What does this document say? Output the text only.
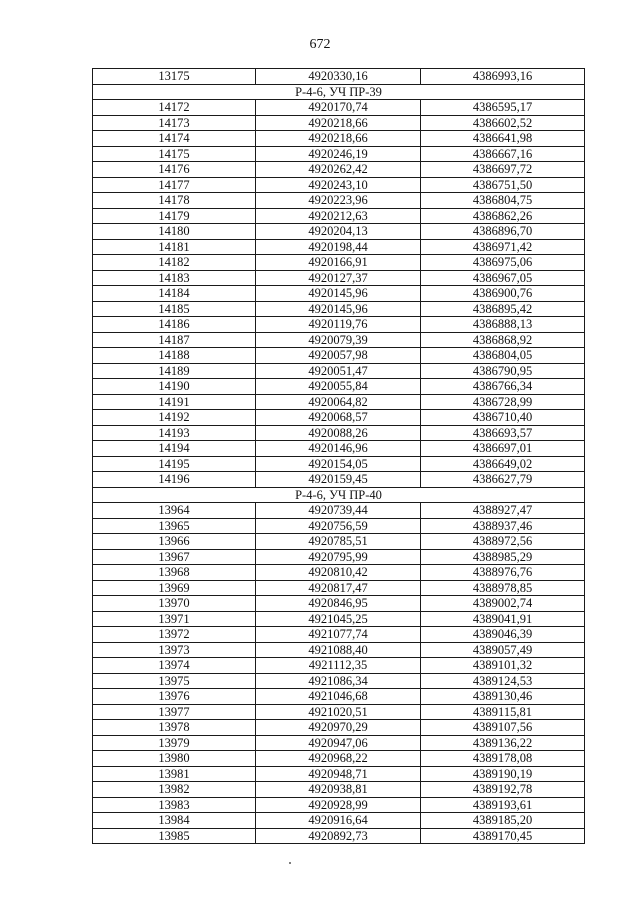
672
13175	4920330,16	4386993,16
Р-4-6, УЧ ПР-39		
14172	4920170,74	4386595,17
14173	4920218,66	4386602,52
14174	4920218,66	4386641,98
14175	4920246,19	4386667,16
14176	4920262,42	4386697,72
14177	4920243,10	4386751,50
14178	4920223,96	4386804,75
14179	4920212,63	4386862,26
14180	4920204,13	4386896,70
14181	4920198,44	4386971,42
14182	4920166,91	4386975,06
14183	4920127,37	4386967,05
14184	4920145,96	4386900,76
14185	4920145,96	4386895,42
14186	4920119,76	4386888,13
14187	4920079,39	4386868,92
14188	4920057,98	4386804,05
14189	4920051,47	4386790,95
14190	4920055,84	4386766,34
14191	4920064,82	4386728,99
14192	4920068,57	4386710,40
14193	4920088,26	4386693,57
14194	4920146,96	4386697,01
14195	4920154,05	4386649,02
14196	4920159,45	4386627,79
Р-4-6, УЧ ПР-40		
13964	4920739,44	4388927,47
13965	4920756,59	4388937,46
13966	4920785,51	4388972,56
13967	4920795,99	4388985,29
13968	4920810,42	4388976,76
13969	4920817,47	4388978,85
13970	4920846,95	4389002,74
13971	4921045,25	4389041,91
13972	4921077,74	4389046,39
13973	4921088,40	4389057,49
13974	4921112,35	4389101,32
13975	4921086,34	4389124,53
13976	4921046,68	4389130,46
13977	4921020,51	4389115,81
13978	4920970,29	4389107,56
13979	4920947,06	4389136,22
13980	4920968,22	4389178,08
13981	4920948,71	4389190,19
13982	4920938,81	4389192,78
13983	4920928,99	4389193,61
13984	4920916,64	4389185,20
13985	4920892,73	4389170,45
